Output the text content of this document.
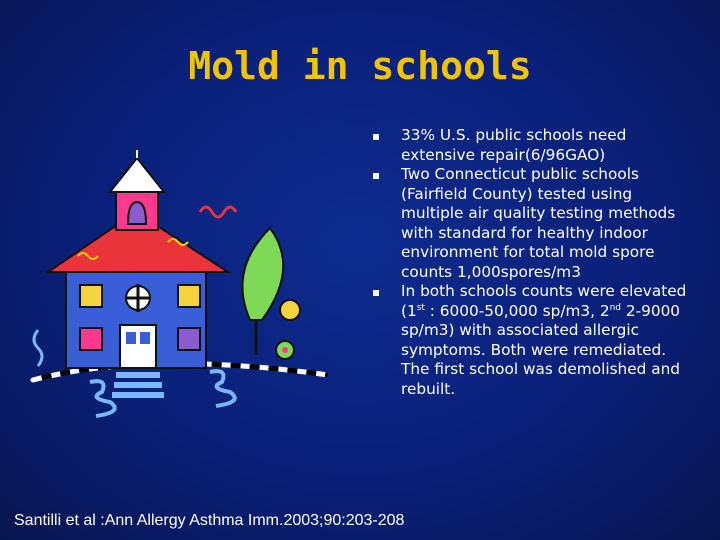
Mold in schools
33% U.S. public schools need extensive repair(6/96GAO)
Two Connecticut public schools (Fairfield County) tested using multiple air quality testing methods with standard for healthy indoor environment for total mold spore counts 1,000spores/m3
In both schools counts were elevated (1st : 6000-50,000 sp/m3, 2nd 2-9000 sp/m3) with associated allergic symptoms. Both were remediated. The first school was demolished and rebuilt.
Santilli et al :Ann Allergy Asthma Imm.2003;90:203-208
